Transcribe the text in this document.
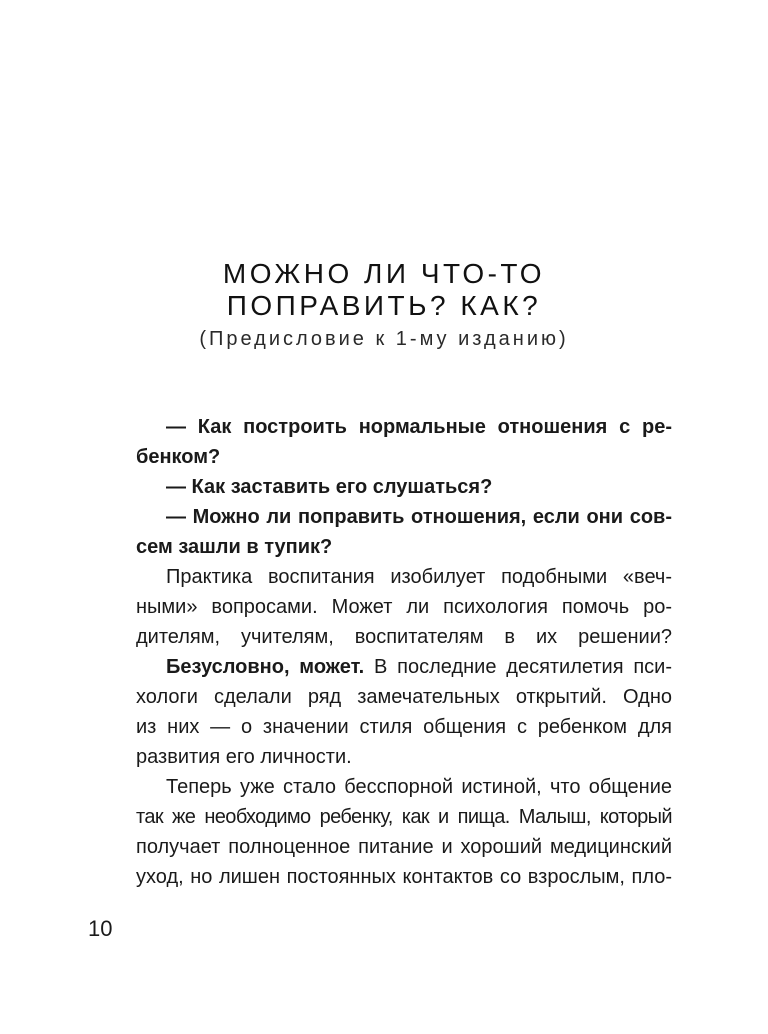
МОЖНО ЛИ ЧТО-ТО
ПОПРАВИТЬ? КАК?
(Предисловие к 1-му изданию)
— Как построить нормальные отношения с ре-
бенком?
— Как заставить его слушаться?
— Можно ли поправить отношения, если они сов-
сем зашли в тупик?
Практика воспитания изобилует подобными «веч-
ными» вопросами. Может ли психология помочь ро-
дителям, учителям, воспитателям в их решении?
Безусловно, может. В последние десятилетия пси-
хологи сделали ряд замечательных открытий. Одно
из них — о значении стиля общения с ребенком для
развития его личности.
Теперь уже стало бесспорной истиной, что общение
так же необходимо ребенку, как и пища. Малыш, который
получает полноценное питание и хороший медицинский
уход, но лишен постоянных контактов со взрослым, пло-
10
